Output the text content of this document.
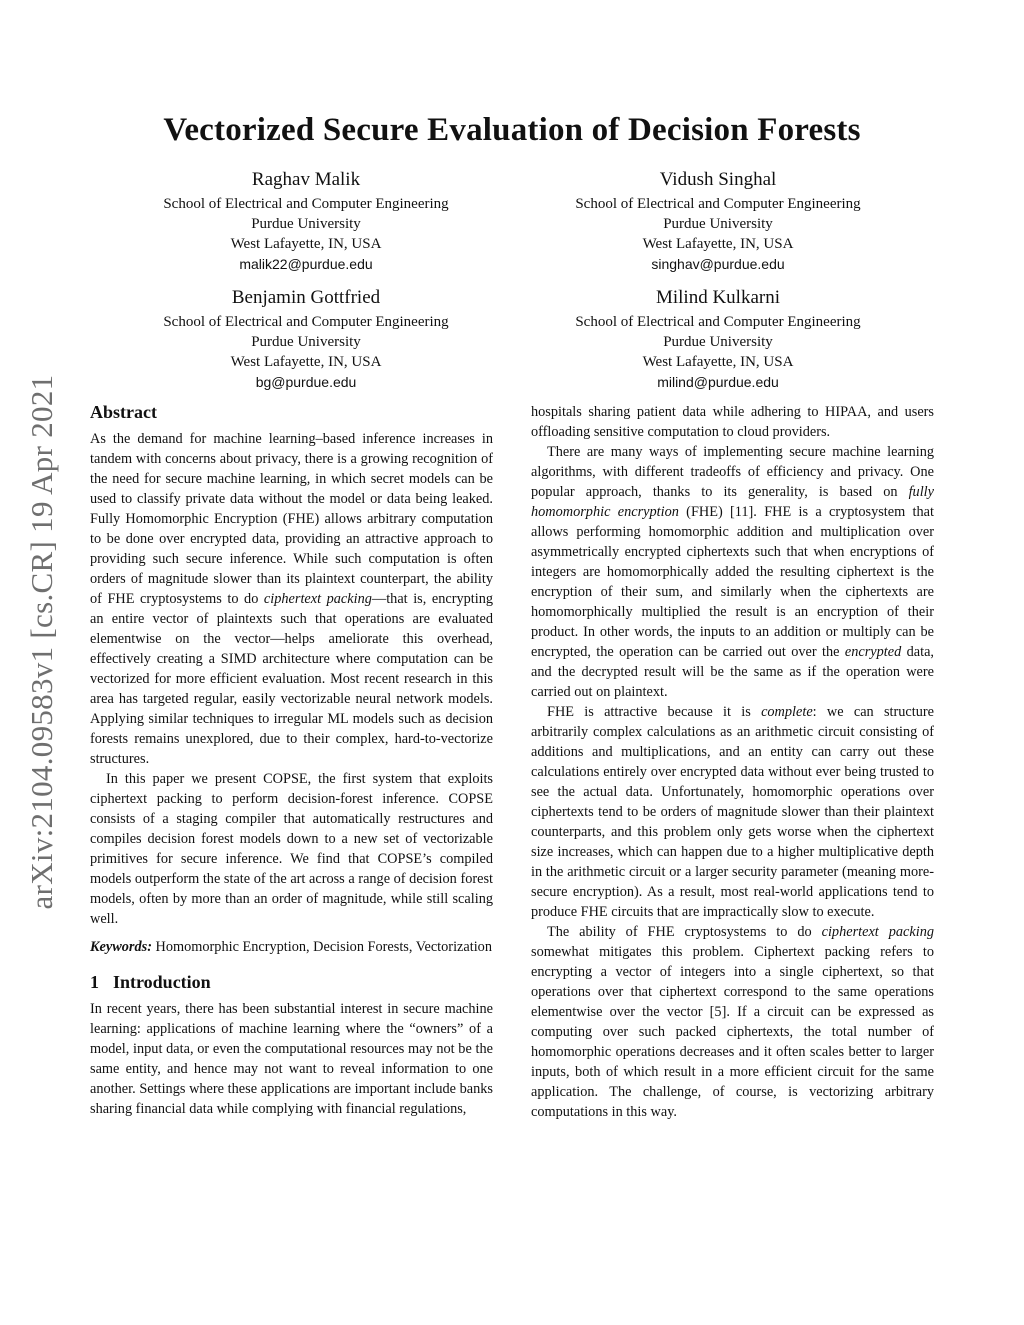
arXiv:2104.09583v1 [cs.CR] 19 Apr 2021
Vectorized Secure Evaluation of Decision Forests
Raghav Malik
School of Electrical and Computer Engineering
Purdue University
West Lafayette, IN, USA
malik22@purdue.edu
Vidush Singhal
School of Electrical and Computer Engineering
Purdue University
West Lafayette, IN, USA
singhav@purdue.edu
Benjamin Gottfried
School of Electrical and Computer Engineering
Purdue University
West Lafayette, IN, USA
bg@purdue.edu
Milind Kulkarni
School of Electrical and Computer Engineering
Purdue University
West Lafayette, IN, USA
milind@purdue.edu
Abstract

As the demand for machine learning–based inference increases in tandem with concerns about privacy, there is a growing recognition of the need for secure machine learning, in which secret models can be used to classify private data without the model or data being leaked. Fully Homomorphic Encryption (FHE) allows arbitrary computation to be done over encrypted data, providing an attractive approach to providing such secure inference. While such computation is often orders of magnitude slower than its plaintext counterpart, the ability of FHE cryptosystems to do ciphertext packing—that is, encrypting an entire vector of plaintexts such that operations are evaluated elementwise on the vector—helps ameliorate this overhead, effectively creating a SIMD architecture where computation can be vectorized for more efficient evaluation. Most recent research in this area has targeted regular, easily vectorizable neural network models. Applying similar techniques to irregular ML models such as decision forests remains unexplored, due to their complex, hard-to-vectorize structures.

In this paper we present COPSE, the first system that exploits ciphertext packing to perform decision-forest inference. COPSE consists of a staging compiler that automatically restructures and compiles decision forest models down to a new set of vectorizable primitives for secure inference. We find that COPSE’s compiled models outperform the state of the art across a range of decision forest models, often by more than an order of magnitude, while still scaling well.

Keywords: Homomorphic Encryption, Decision Forests, Vectorization

1 Introduction

In recent years, there has been substantial interest in secure machine learning: applications of machine learning where the “owners” of a model, input data, or even the computational resources may not be the same entity, and hence may not want to reveal information to one another. Settings where these applications are important include banks sharing financial data while complying with financial regulations,

hospitals sharing patient data while adhering to HIPAA, and users offloading sensitive computation to cloud providers.

There are many ways of implementing secure machine learning algorithms, with different tradeoffs of efficiency and privacy. One popular approach, thanks to its generality, is based on fully homomorphic encryption (FHE) [11]. FHE is a cryptosystem that allows performing homomorphic addition and multiplication over asymmetrically encrypted ciphertexts such that when encryptions of integers are homomorphically added the resulting ciphertext is the encryption of their sum, and similarly when the ciphertexts are homomorphically multiplied the result is an encryption of their product. In other words, the inputs to an addition or multiply can be encrypted, the operation can be carried out over the encrypted data, and the decrypted result will be the same as if the operation were carried out on plaintext.

FHE is attractive because it is complete: we can structure arbitrarily complex calculations as an arithmetic circuit consisting of additions and multiplications, and an entity can carry out these calculations entirely over encrypted data without ever being trusted to see the actual data. Unfortunately, homomorphic operations over ciphertexts tend to be orders of magnitude slower than their plaintext counterparts, and this problem only gets worse when the ciphertext size increases, which can happen due to a higher multiplicative depth in the arithmetic circuit or a larger security parameter (meaning more-secure encryption). As a result, most real-world applications tend to produce FHE circuits that are impractically slow to execute.

The ability of FHE cryptosystems to do ciphertext packing somewhat mitigates this problem. Ciphertext packing refers to encrypting a vector of integers into a single ciphertext, so that operations over that ciphertext correspond to the same operations elementwise over the vector [5]. If a circuit can be expressed as computing over such packed ciphertexts, the total number of homomorphic operations decreases and it often scales better to larger inputs, both of which result in a more efficient circuit for the same application. The challenge, of course, is vectorizing arbitrary computations in this way.
